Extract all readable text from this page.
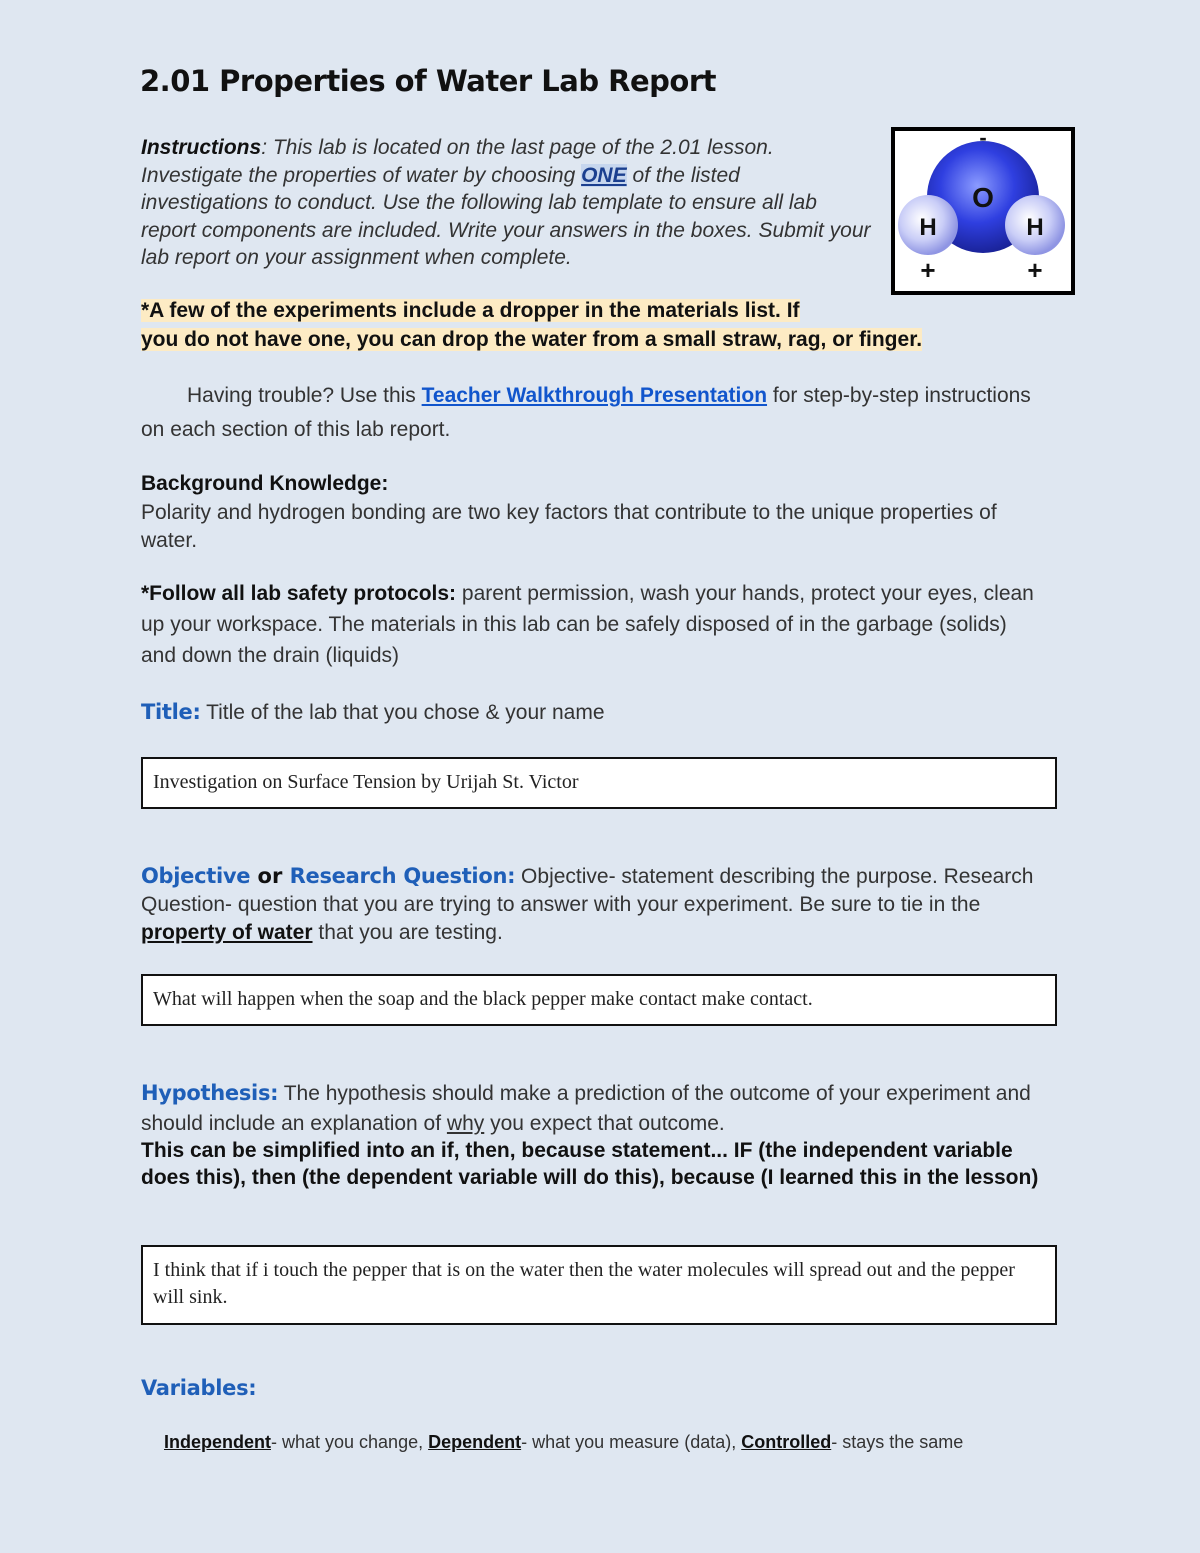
2.01 Properties of Water Lab Report
Instructions: This lab is located on the last page of the 2.01 lesson. Investigate the properties of water by choosing ONE of the listed investigations to conduct. Use the following lab template to ensure all lab report components are included. Write your answers in the boxes. Submit your lab report on your assignment when complete.
O
H	H
-
+	+
*A few of the experiments include a dropper in the materials list. If
you do not have one, you can drop the water from a small straw, rag, or finger.
Having trouble? Use this Teacher Walkthrough Presentation for step-by-step instructions on each section of this lab report.
Background Knowledge:
Polarity and hydrogen bonding are two key factors that contribute to the unique properties of water.
*Follow all lab safety protocols: parent permission, wash your hands, protect your eyes, clean up your workspace. The materials in this lab can be safely disposed of in the garbage (solids) and down the drain (liquids)
Title: Title of the lab that you chose & your name
Investigation on Surface Tension by Urijah St. Victor
Objective or Research Question: Objective- statement describing the purpose. Research Question- question that you are trying to answer with your experiment. Be sure to tie in the property of water that you are testing.
What will happen when the soap and the black pepper make contact make contact.
Hypothesis: The hypothesis should make a prediction of the outcome of your experiment and should include an explanation of why you expect that outcome.
This can be simplified into an if, then, because statement... IF (the independent variable does this), then (the dependent variable will do this), because (I learned this in the lesson)
I think that if i touch the pepper that is on the water then the water molecules will spread out and the pepper will sink.
Variables:
Independent- what you change, Dependent- what you measure (data), Controlled- stays the same
